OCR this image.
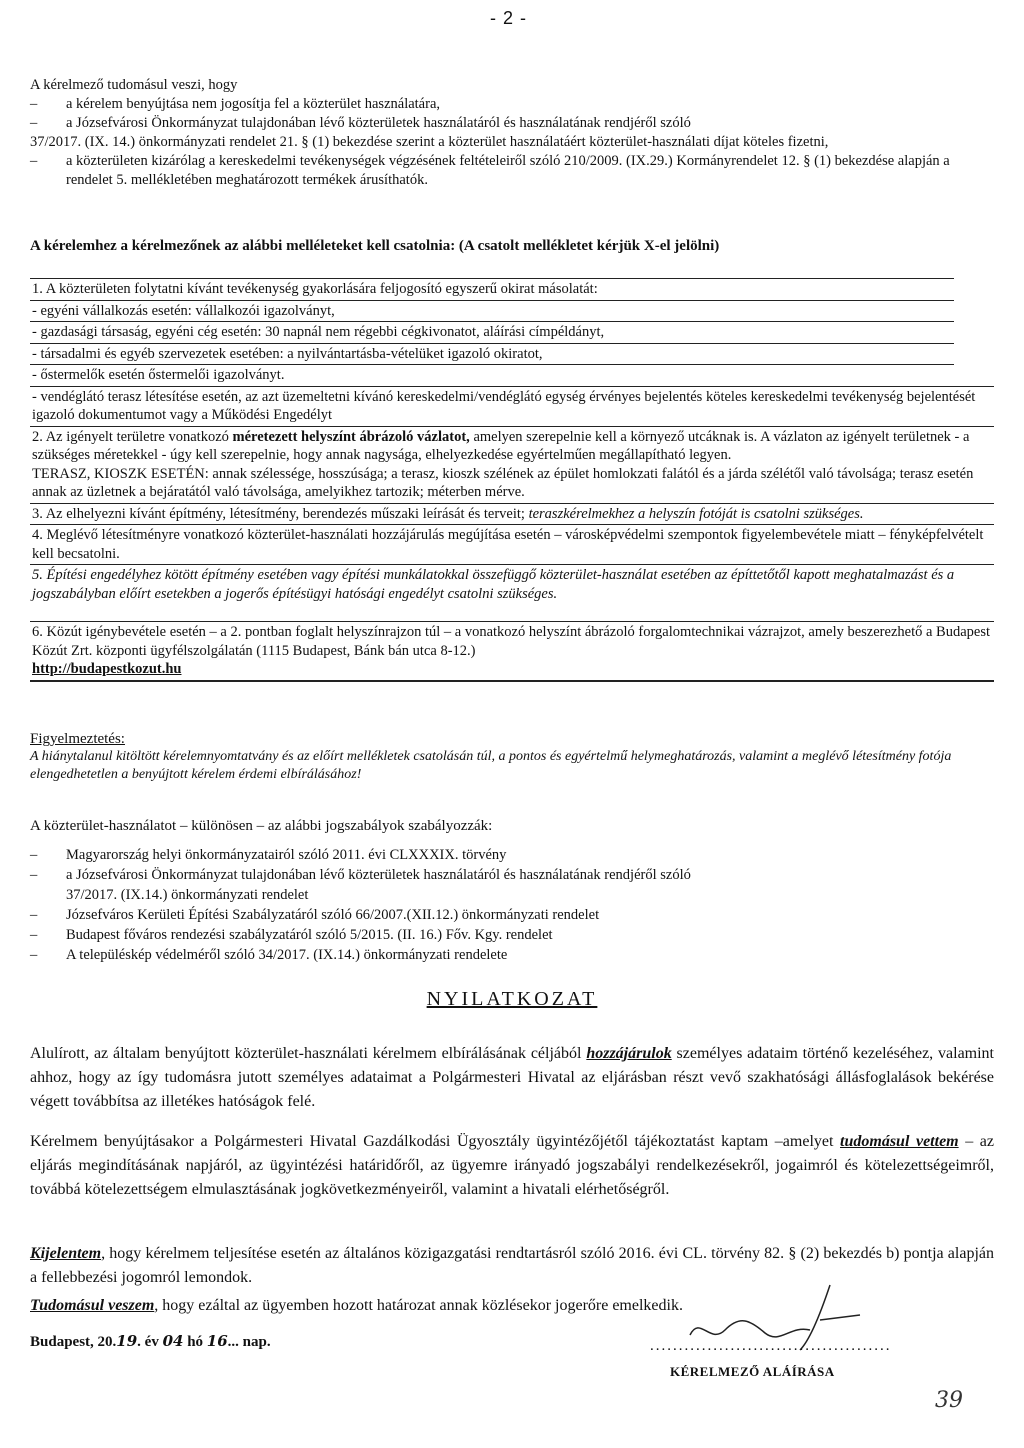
- 2 -
A kérelmező tudomásul veszi, hogy
–	a kérelem benyújtása nem jogosítja fel a közterület használatára,
–	a Józsefvárosi Önkormányzat tulajdonában lévő közterületek használatáról és használatának rendjéről szóló
37/2017. (IX. 14.) önkormányzati rendelet 21. § (1) bekezdése szerint a közterület használatáért közterület-használati díjat köteles fizetni,
–	a közterületen kizárólag a kereskedelmi tevékenységek végzésének feltételeiről szóló 210/2009. (IX.29.) Kormányrendelet 12. § (1) bekezdése alapján a rendelet 5. mellékletében meghatározott termékek árusíthatók.
A kérelemhez a kérelmezőnek az alábbi melléleteket kell csatolnia: (A csatolt mellékletet kérjük X-el jelölni)
1. A közterületen folytatni kívánt tevékenység gyakorlására feljogosító egyszerű okirat másolatát:
- egyéni vállalkozás esetén: vállalkozói igazolványt,
- gazdasági társaság, egyéni cég esetén: 30 napnál nem régebbi cégkivonatot, aláírási címpéldányt,
- társadalmi és egyéb szervezetek esetében: a nyilvántartásba-vételüket igazoló okiratot,
- őstermelők esetén őstermelői igazolványt.
- vendéglátó terasz létesítése esetén, az azt üzemeltetni kívánó kereskedelmi/vendéglátó egység érvényes bejelentés köteles kereskedelmi tevékenység bejelentését igazoló dokumentumot vagy a Működési Engedélyt
2. Az igényelt területre vonatkozó méretezett helyszínt ábrázoló vázlatot, amelyen szerepelnie kell a környező utcáknak is. A vázlaton az igényelt területnek - a szükséges méretekkel - úgy kell szerepelnie, hogy annak nagysága, elhelyezkedése egyértelműen megállapítható legyen.
TERASZ, KIOSZK ESETÉN: annak szélessége, hosszúsága; a terasz, kioszk szélének az épület homlokzati falától és a járda szélétől való távolsága; terasz esetén annak az üzletnek a bejáratától való távolsága, amelyikhez tartozik; méterben mérve.
3. Az elhelyezni kívánt építmény, létesítmény, berendezés műszaki leírását és terveit; teraszkérelmekhez a helyszín fotóját is csatolni szükséges.
4. Meglévő létesítményre vonatkozó közterület-használati hozzájárulás megújítása esetén – városképvédelmi szempontok figyelembevétele miatt – fényképfelvételt kell becsatolni.
5. Építési engedélyhez kötött építmény esetében vagy építési munkálatokkal összefüggő közterület-használat esetében az építtetőtől kapott meghatalmazást és a jogszabályban előírt esetekben a jogerős építésügyi hatósági engedélyt csatolni szükséges.
6. Közút igénybevétele esetén – a 2. pontban foglalt helyszínrajzon túl – a vonatkozó helyszínt ábrázoló forgalomtechnikai vázrajzot, amely beszerezhető a Budapest Közút Zrt. központi ügyfélszolgálatán (1115 Budapest, Bánk bán utca 8-12.)
http://budapestkozut.hu
Figyelmeztetés:
A hiánytalanul kitöltött kérelemnyomtatvány és az előírt mellékletek csatolásán túl, a pontos és egyértelmű helymeghatározás, valamint a meglévő létesítmény fotója elengedhetetlen a benyújtott kérelem érdemi elbírálásához!
A közterület-használatot – különösen – az alábbi jogszabályok szabályozzák:
–	Magyarország helyi önkormányzatairól szóló 2011. évi CLXXXIX. törvény
–	a Józsefvárosi Önkormányzat tulajdonában lévő közterületek használatáról és használatának rendjéről szóló
37/2017. (IX.14.) önkormányzati rendelet
–	Józsefváros Kerületi Építési Szabályzatáról szóló 66/2007.(XII.12.) önkormányzati rendelet
–	Budapest főváros rendezési szabályzatáról szóló 5/2015. (II. 16.) Főv. Kgy. rendelet
–	A településkép védelméről szóló 34/2017. (IX.14.) önkormányzati rendelete
NYILATKOZAT
Alulírott, az általam benyújtott közterület-használati kérelmem elbírálásának céljából hozzájárulok személyes adataim történő kezeléséhez, valamint ahhoz, hogy az így tudomásra jutott személyes adataimat a Polgármesteri Hivatal az eljárásban részt vevő szakhatósági állásfoglalások bekérése végett továbbítsa az illetékes hatóságok felé.
Kérelmem benyújtásakor a Polgármesteri Hivatal Gazdálkodási Ügyosztály ügyintézőjétől tájékoztatást kaptam –amelyet tudomásul vettem – az eljárás megindításának napjáról, az ügyintézési határidőről, az ügyemre irányadó jogszabályi rendelkezésekről, jogaimról és kötelezettségeimről, továbbá kötelezettségem elmulasztásának jogkövetkezményeiről, valamint a hivatali elérhetőségről.
Kijelentem, hogy kérelmem teljesítése esetén az általános közigazgatási rendtartásról szóló 2016. évi CL. törvény 82. § (2) bekezdés b) pontja alapján a fellebbezési jogomról lemondok.
Tudomásul veszem, hogy ezáltal az ügyemben hozott határozat annak közlésekor jogerőre emelkedik.
Budapest, 20.19. év 04 hó 16... nap.	..........................................
KÉRELMEZŐ ALÁÍRÁSA
39
